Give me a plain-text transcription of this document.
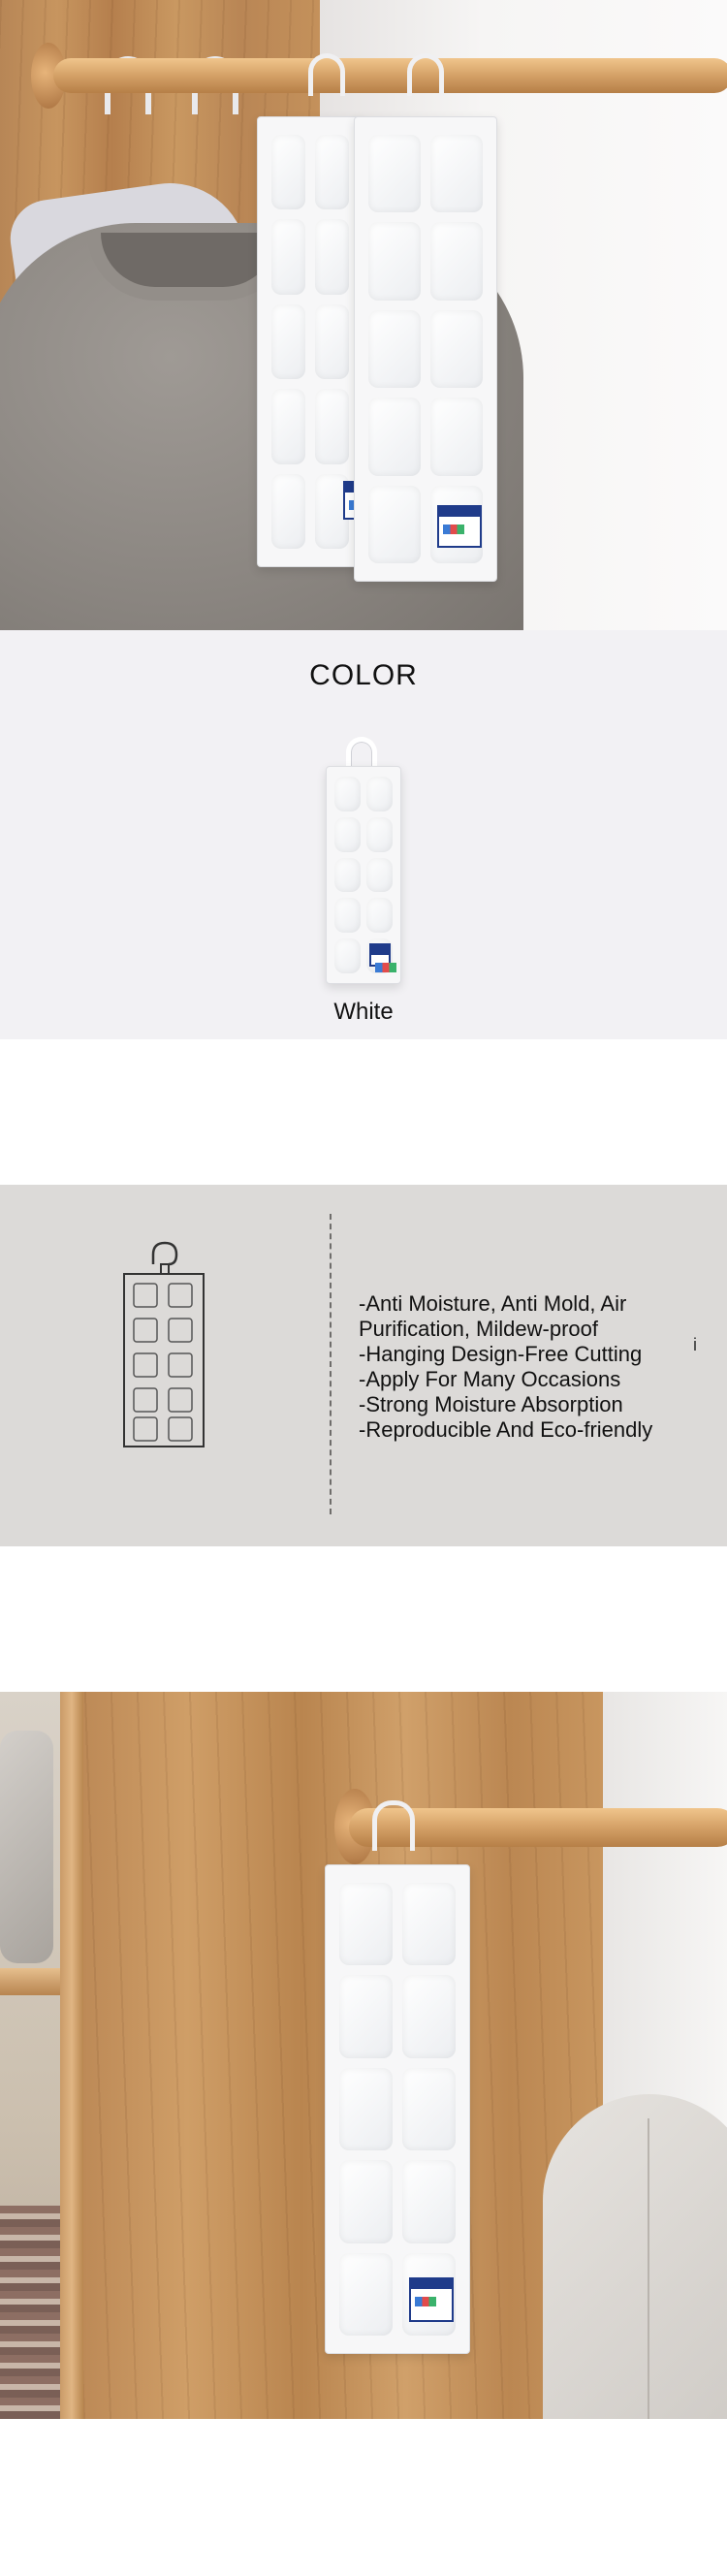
COLOR
White
-Anti Moisture, Anti Mold, Air
Purification, Mildew-proof
-Hanging Design-Free Cutting
-Apply For Many Occasions
-Strong Moisture Absorption
-Reproducible And Eco-friendly
i
